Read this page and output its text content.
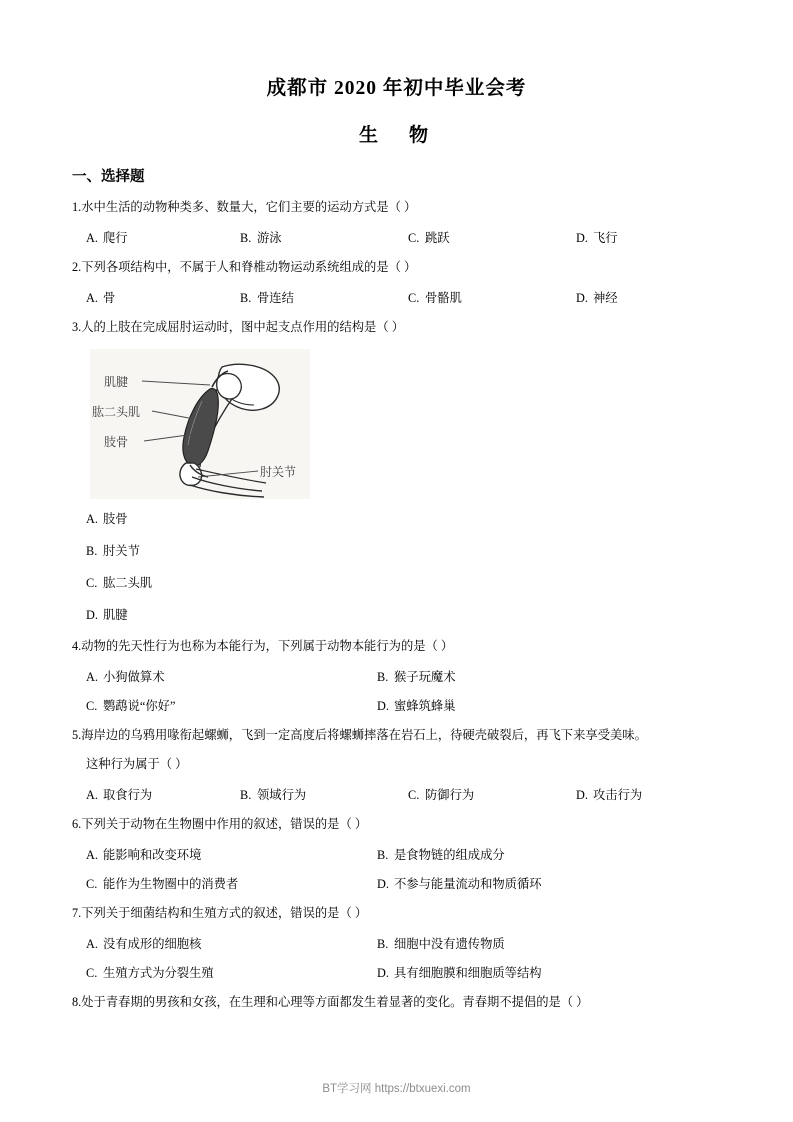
成都市 2020 年初中毕业会考
生　物
一、选择题
1.水中生活的动物种类多、数量大，它们主要的运动方式是（ ）
A. 爬行	B. 游泳	C. 跳跃	D. 飞行
2.下列各项结构中，不属于人和脊椎动物运动系统组成的是（ ）
A. 骨	B. 骨连结	C. 骨骼肌	D. 神经
3.人的上肢在完成屈肘运动时，图中起支点作用的结构是（ ）
肌腱
肱二头肌
肢骨
肘关节
A. 肢骨
B. 肘关节
C. 肱二头肌
D. 肌腱
4.动物的先天性行为也称为本能行为，下列属于动物本能行为的是（ ）
A. 小狗做算术	B. 猴子玩魔术
C. 鹦鹉说“你好”	D. 蜜蜂筑蜂巢
5.海岸边的乌鸦用喙衔起螺蛳，飞到一定高度后将螺蛳摔落在岩石上，待硬壳破裂后，再飞下来享受美味。
这种行为属于（ ）
A. 取食行为	B. 领域行为	C. 防御行为	D. 攻击行为
6.下列关于动物在生物圈中作用的叙述，错误的是（ ）
A. 能影响和改变环境	B. 是食物链的组成成分
C. 能作为生物圈中的消费者	D. 不参与能量流动和物质循环
7.下列关于细菌结构和生殖方式的叙述，错误的是（ ）
A. 没有成形的细胞核	B. 细胞中没有遗传物质
C. 生殖方式为分裂生殖	D. 具有细胞膜和细胞质等结构
8.处于青春期的男孩和女孩，在生理和心理等方面都发生着显著的变化。青春期不提倡的是（ ）
BT学习网 https://btxuexi.com
